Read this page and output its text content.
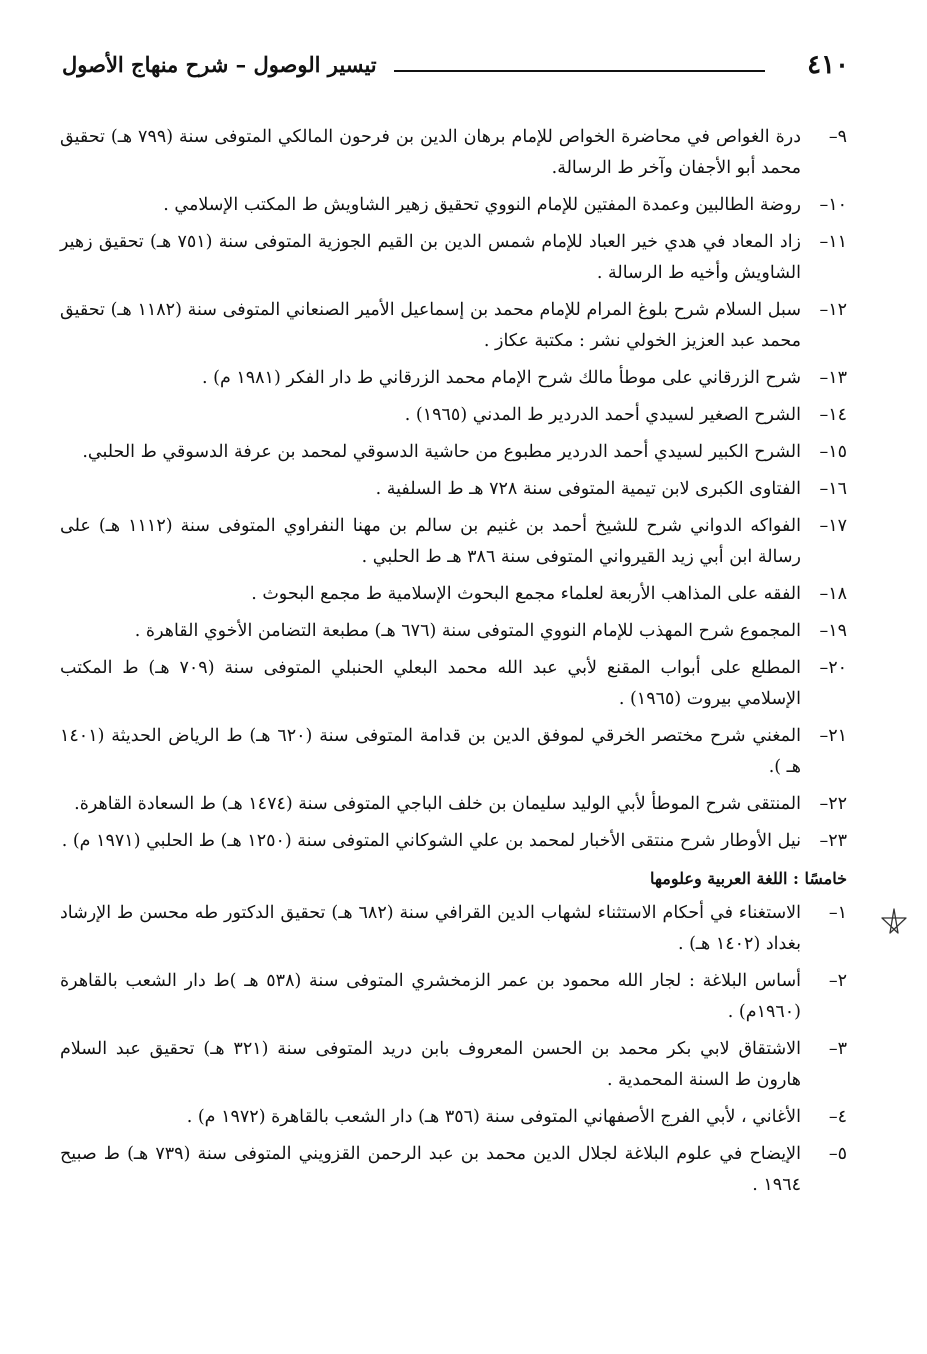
٤١٠
تيسير الوصول – شرح منهاج الأصول
٩–
درة الغواص في محاضرة الخواص للإمام برهان الدين بن فرحون المالكي المتوفى سنة (٧٩٩ هـ) تحقيق محمد أبو الأجفان وآخر ط الرسالة.
١٠–
روضة الطالبين وعمدة المفتين للإمام النووي تحقيق زهير الشاويش ط المكتب الإسلامي .
١١–
زاد المعاد في هدي خير العباد للإمام شمس الدين بن القيم الجوزية المتوفى سنة (٧٥١ هـ) تحقيق زهير الشاويش وأخيه ط الرسالة .
١٢–
سبل السلام شرح بلوغ المرام للإمام محمد بن إسماعيل الأمير الصنعاني المتوفى سنة (١١٨٢ هـ) تحقيق محمد عبد العزيز الخولي نشر : مكتبة عكاز .
١٣–
شرح الزرقاني على موطأ مالك شرح الإمام محمد الزرقاني ط دار الفكر (١٩٨١ م) .
١٤–
الشرح الصغير لسيدي أحمد الدردير ط المدني (١٩٦٥) .
١٥–
الشرح الكبير لسيدي أحمد الدردير مطبوع من حاشية الدسوقي لمحمد بن عرفة الدسوقي ط الحلبي.
١٦–
الفتاوى الكبرى لابن تيمية المتوفى سنة ٧٢٨ هـ ط السلفية .
١٧–
الفواكه الدواني شرح للشيخ أحمد بن غنيم بن سالم بن مهنا النفراوي المتوفى سنة (١١١٢ هـ) على رسالة ابن أبي زيد القيرواني المتوفى سنة ٣٨٦ هـ ط الحلبي .
١٨–
الفقه على المذاهب الأربعة لعلماء مجمع البحوث الإسلامية ط مجمع البحوث .
١٩–
المجموع شرح المهذب للإمام النووي المتوفى سنة (٦٧٦ هـ) مطبعة التضامن الأخوي القاهرة .
٢٠–
المطلع على أبواب المقنع لأبي عبد الله محمد البعلي الحنبلي المتوفى سنة (٧٠٩ هـ) ط المكتب الإسلامي بيروت (١٩٦٥) .
٢١–
المغني شرح مختصر الخرقي لموفق الدين بن قدامة المتوفى سنة (٦٢٠ هـ) ط الرياض الحديثة (١٤٠١ هـ ).
٢٢–
المنتقى شرح الموطأ لأبي الوليد سليمان بن خلف الباجي المتوفى سنة (١٤٧٤ هـ) ط السعادة القاهرة.
٢٣–
نيل الأوطار شرح منتقى الأخبار لمحمد بن علي الشوكاني المتوفى سنة (١٢٥٠ هـ) ط الحلبي (١٩٧١ م) .
خامسًا : اللغة العربية وعلومها
١–
الاستغناء في أحكام الاستثناء لشهاب الدين القرافي سنة (٦٨٢ هـ) تحقيق الدكتور طه محسن ط الإرشاد بغداد (١٤٠٢ هـ) .
٢–
أساس البلاغة : لجار الله محمود بن عمر الزمخشري المتوفى سنة (٥٣٨ هـ )ط دار الشعب بالقاهرة (١٩٦٠م) .
٣–
الاشتقاق لابي بكر محمد بن الحسن المعروف بابن دريد المتوفى سنة (٣٢١ هـ) تحقيق عبد السلام هارون ط السنة المحمدية .
٤–
الأغاني ، لأبي الفرج الأصفهاني المتوفى سنة (٣٥٦ هـ) دار الشعب بالقاهرة (١٩٧٢ م) .
٥–
الإيضاح في علوم البلاغة لجلال الدين محمد بن عبد الرحمن القزويني المتوفى سنة (٧٣٩ هـ) ط صبيح ١٩٦٤ .
